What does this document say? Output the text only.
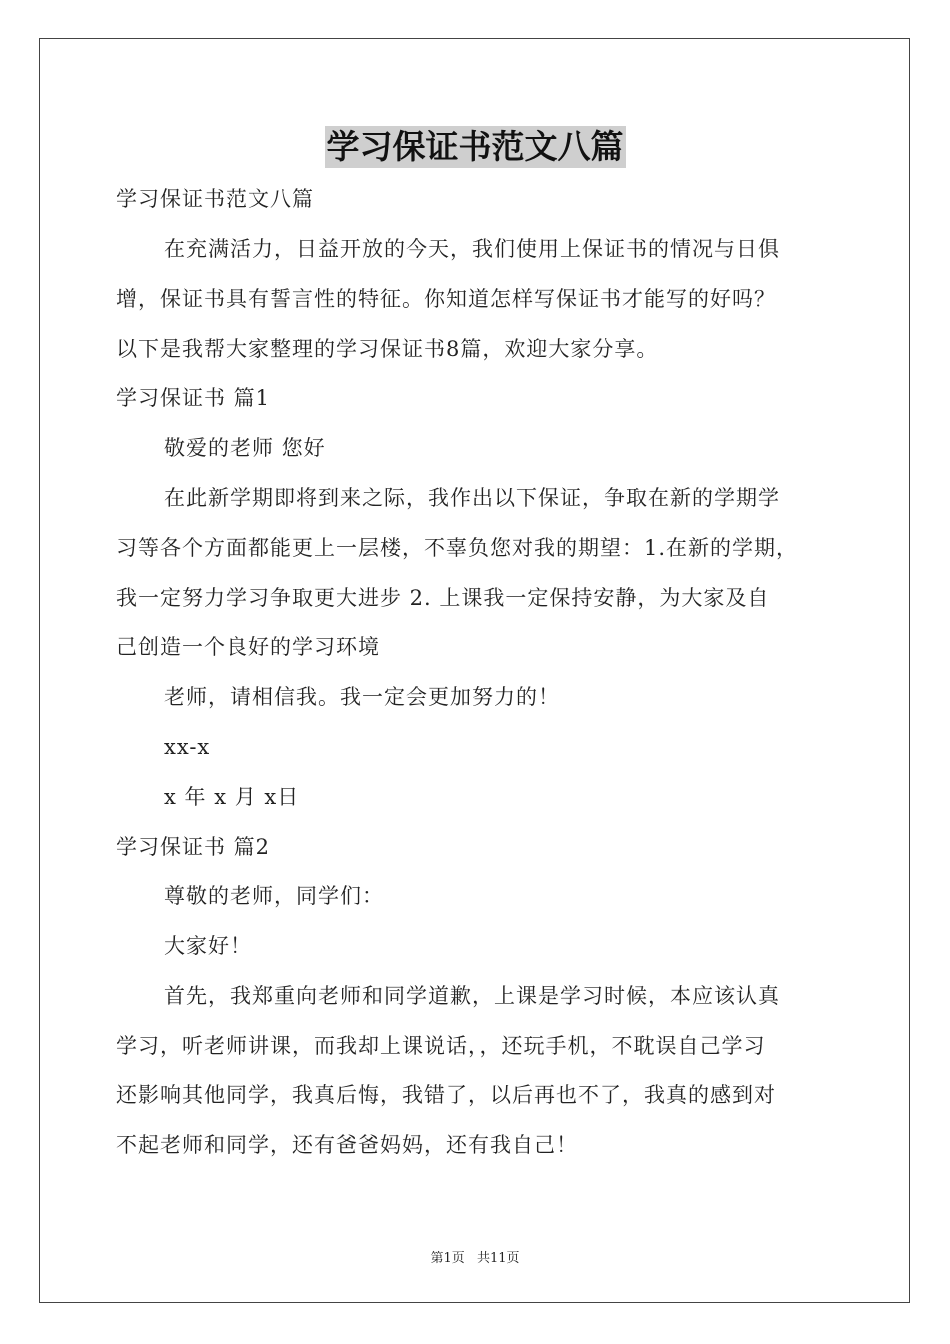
学习保证书范文八篇
学习保证书范文八篇
在充满活力，日益开放的今天，我们使用上保证书的情况与日俱
增，保证书具有誓言性的特征。你知道怎样写保证书才能写的好吗？
以下是我帮大家整理的学习保证书8篇，欢迎大家分享。
学习保证书 篇1
敬爱的老师 您好
在此新学期即将到来之际，我作出以下保证，争取在新的学期学
习等各个方面都能更上一层楼，不辜负您对我的期望：1.在新的学期，
我一定努力学习争取更大进步 2. 上课我一定保持安静，为大家及自
己创造一个良好的学习环境
老师，请相信我。我一定会更加努力的！
xx-x
x 年 x 月 x日
学习保证书 篇2
尊敬的老师，同学们：
大家好！
首先，我郑重向老师和同学道歉，上课是学习时候，本应该认真
学习，听老师讲课，而我却上课说话，，还玩手机，不耽误自己学习
还影响其他同学，我真后悔，我错了，以后再也不了，我真的感到对
不起老师和同学，还有爸爸妈妈，还有我自己！
第1页 共11页
